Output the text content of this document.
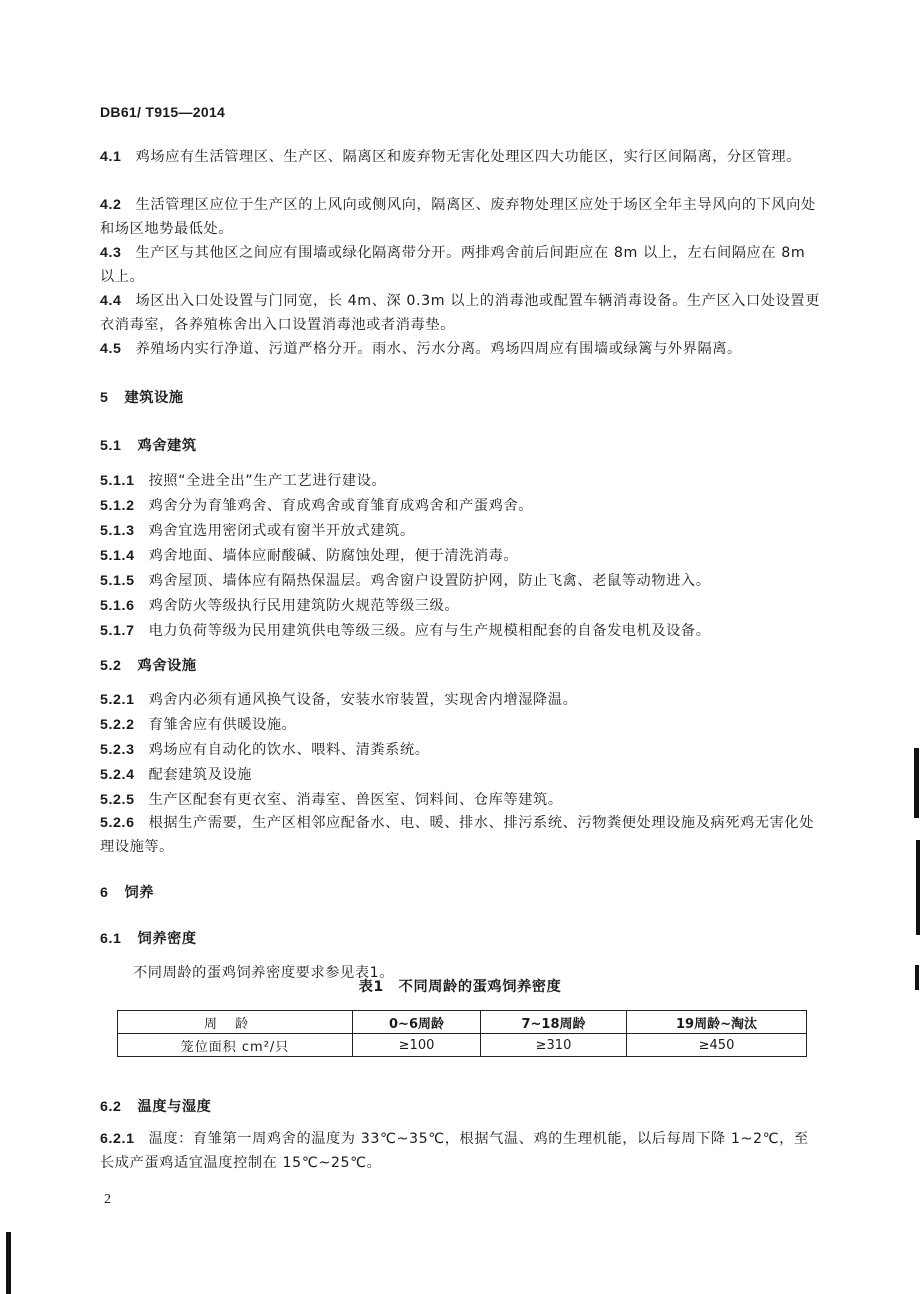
DB61/ T915—2014
4.1 鸡场应有生活管理区、生产区、隔离区和废弃物无害化处理区四大功能区，实行区间隔离，分区管理。
4.2 生活管理区应位于生产区的上风向或侧风向，隔离区、废弃物处理区应处于场区全年主导风向的下风向处和场区地势最低处。
4.3 生产区与其他区之间应有围墙或绿化隔离带分开。两排鸡舍前后间距应在 8m 以上，左右间隔应在 8m 以上。
4.4 场区出入口处设置与门同宽，长 4m、深 0.3m 以上的消毒池或配置车辆消毒设备。生产区入口处设置更衣消毒室，各养殖栋舍出入口设置消毒池或者消毒垫。
4.5 养殖场内实行净道、污道严格分开。雨水、污水分离。鸡场四周应有围墙或绿篱与外界隔离。
5 建筑设施
5.1 鸡舍建筑
5.1.1 按照“全进全出”生产工艺进行建设。
5.1.2 鸡舍分为育雏鸡舍、育成鸡舍或育雏育成鸡舍和产蛋鸡舍。
5.1.3 鸡舍宜选用密闭式或有窗半开放式建筑。
5.1.4 鸡舍地面、墙体应耐酸碱、防腐蚀处理，便于清洗消毒。
5.1.5 鸡舍屋顶、墙体应有隔热保温层。鸡舍窗户设置防护网，防止飞禽、老鼠等动物进入。
5.1.6 鸡舍防火等级执行民用建筑防火规范等级三级。
5.1.7 电力负荷等级为民用建筑供电等级三级。应有与生产规模相配套的自备发电机及设备。
5.2 鸡舍设施
5.2.1 鸡舍内必须有通风换气设备，安装水帘装置，实现舍内增湿降温。
5.2.2 育雏舍应有供暖设施。
5.2.3 鸡场应有自动化的饮水、喂料、清粪系统。
5.2.4 配套建筑及设施
5.2.5 生产区配套有更衣室、消毒室、兽医室、饲料间、仓库等建筑。
5.2.6 根据生产需要，生产区相邻应配备水、电、暖、排水、排污系统、污物粪便处理设施及病死鸡无害化处理设施等。
6 饲养
6.1 饲养密度
不同周龄的蛋鸡饲养密度要求参见表1。
表1　不同周龄的蛋鸡饲养密度
周龄	0~6周龄	7~18周龄	19周龄~淘汰
笼位面积 cm²/只	≥100	≥310	≥450
6.2 温度与湿度
6.2.1 温度：育雏第一周鸡舍的温度为 33℃~35℃，根据气温、鸡的生理机能，以后每周下降 1~2℃，至长成产蛋鸡适宜温度控制在 15℃~25℃。
2
